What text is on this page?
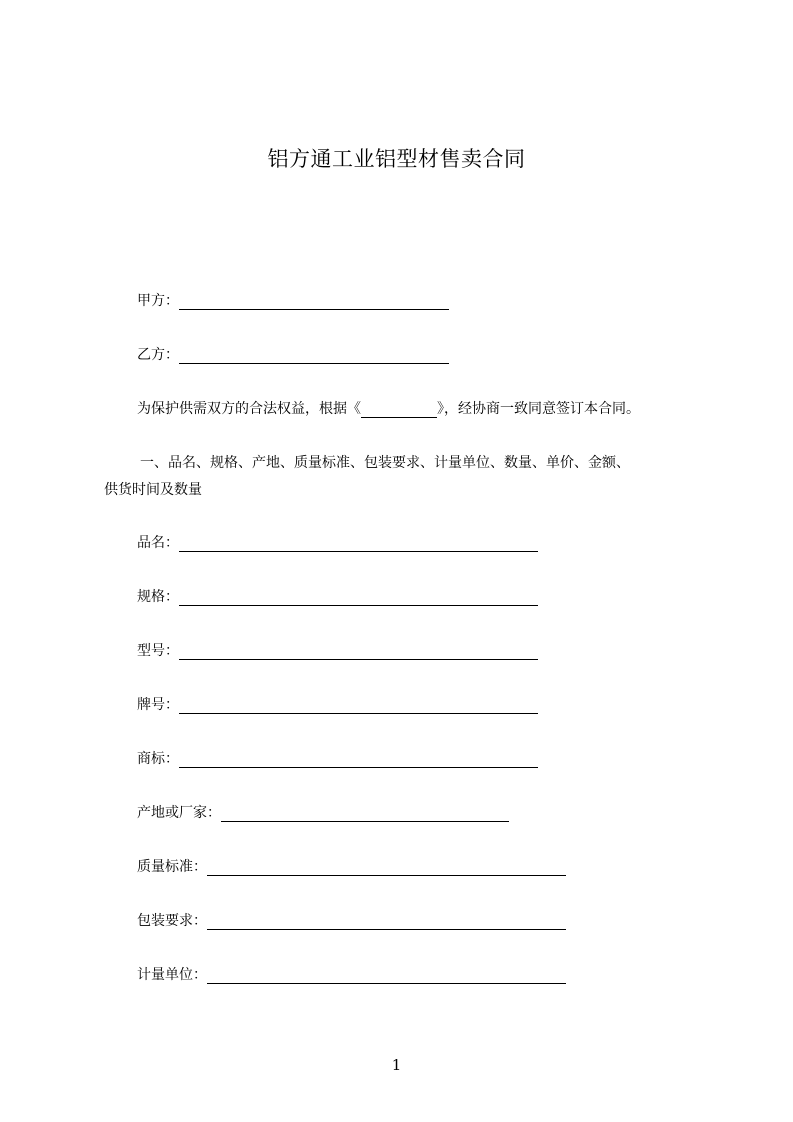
铝方通工业铝型材售卖合同
甲方：
乙方：
为保护供需双方的合法权益，根据《	》，经协商一致同意签订本合同。
一、品名、规格、产地、质量标准、包装要求、计量单位、数量、单价、金额、
供货时间及数量
品名：
规格：
型号：
牌号：
商标：
产地或厂家：
质量标准：
包装要求：
计量单位：
1
